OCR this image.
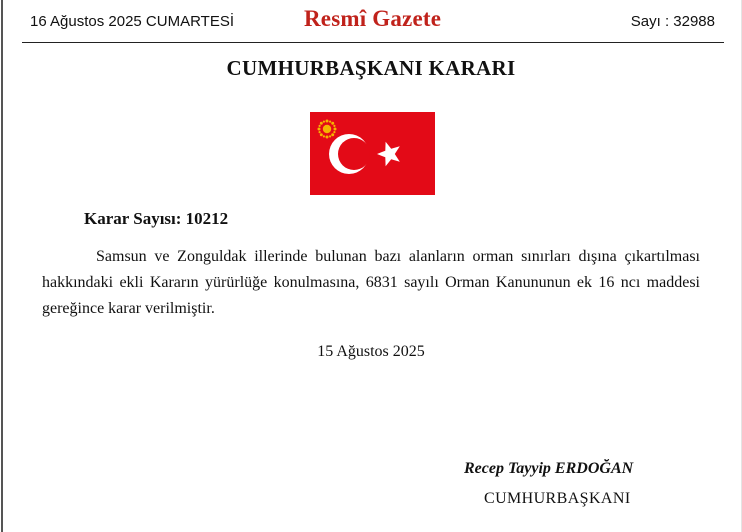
16 Ağustos 2025 CUMARTESİ	Resmî Gazete	Sayı : 32988
CUMHURBAŞKANI KARARI
Karar Sayısı: 10212
Samsun ve Zonguldak illerinde bulunan bazı alanların orman sınırları dışına çıkartılması hakkındaki ekli Kararın yürürlüğe konulmasına, 6831 sayılı Orman Kanununun ek 16 ncı maddesi gereğince karar verilmiştir.
15 Ağustos 2025
Recep Tayyip ERDOĞAN
CUMHURBAŞKANI
